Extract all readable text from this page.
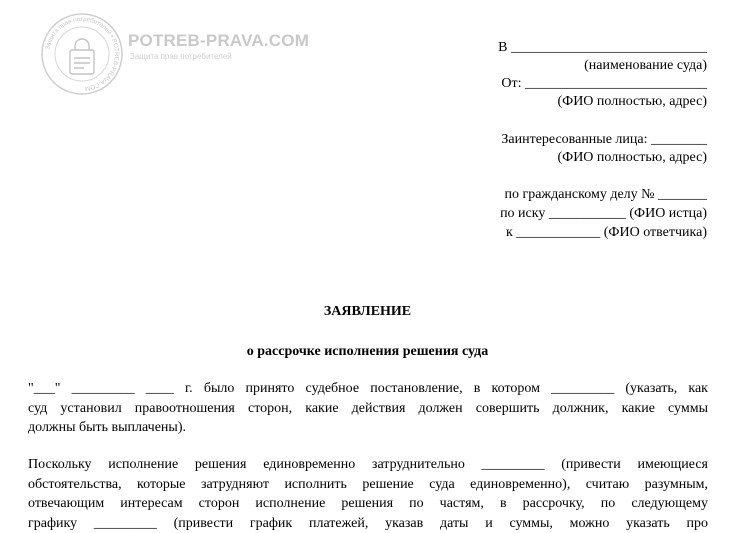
Защита прав потребителей • POTREB-PRAVA.COM
POTREB-PRAVA.COM
Защита прав потребителей
В ____________________________
(наименование суда)
От: __________________________
(ФИО полностью, адрес)
Заинтересованные лица: ________
(ФИО полностью, адрес)
по гражданскому делу № _______
по иску ___________ (ФИО истца)
к ____________ (ФИО ответчика)
ЗАЯВЛЕНИЕ
о рассрочке исполнения решения суда
"___" _________ ____ г. было принято судебное постановление, в котором _________ (указать, как
суд установил правоотношения сторон, какие действия должен совершить должник, какие суммы
должны быть выплачены).
Поскольку исполнение решения единовременно затруднительно _________ (привести имеющиеся
обстоятельства, которые затрудняют исполнить решение суда единовременно), считаю разумным,
отвечающим интересам сторон исполнение решения по частям, в рассрочку, по следующему
графику _________ (привести график платежей, указав даты и суммы, можно указать про
